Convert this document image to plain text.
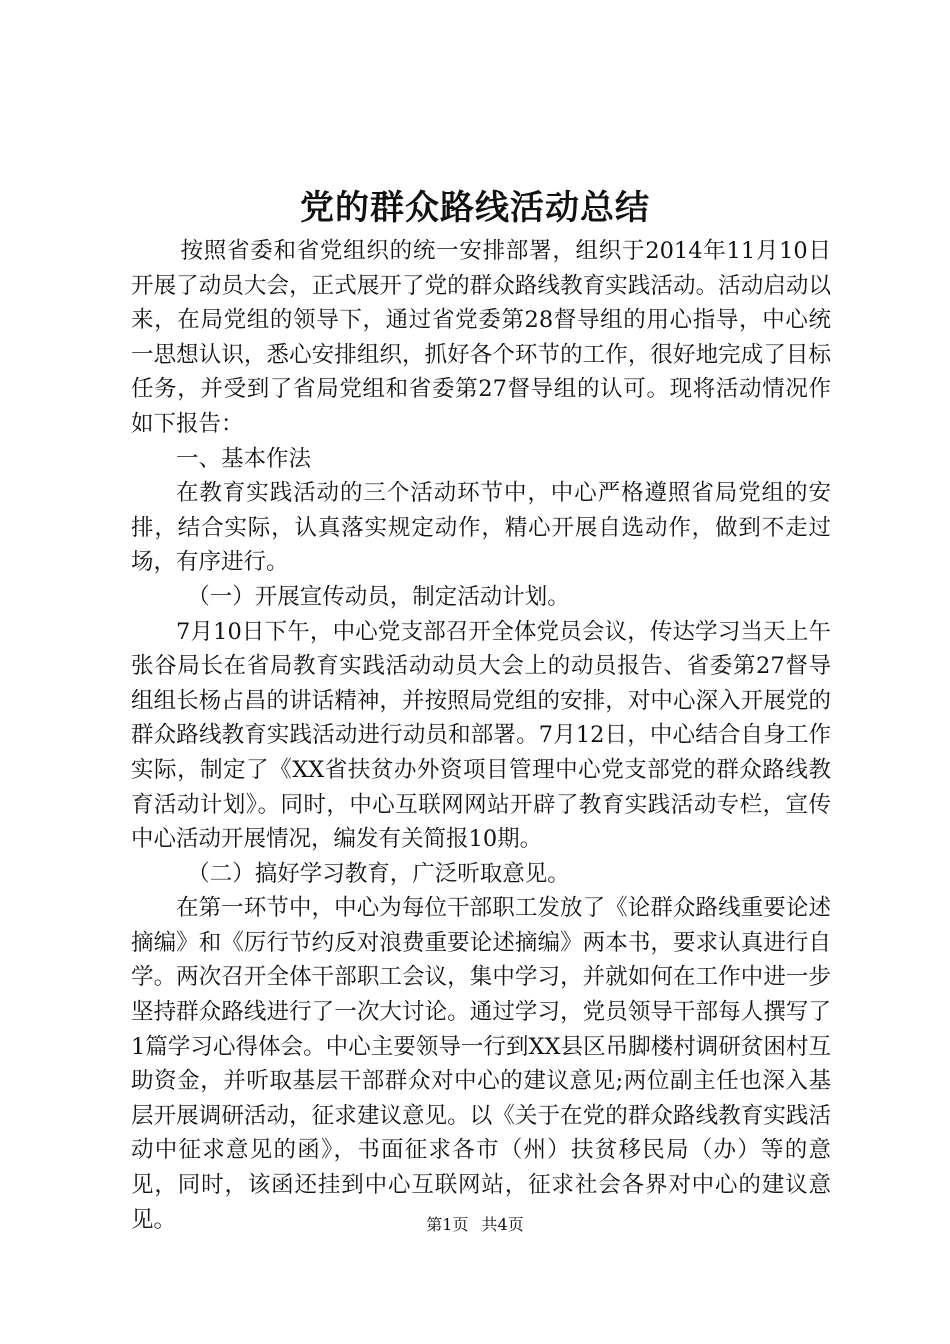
党的群众路线活动总结

按照省委和省党组织的统一安排部署，组织于2014年11月10日开展了动员大会，正式展开了党的群众路线教育实践活动。活动启动以来，在局党组的领导下，通过省党委第28督导组的用心指导，中心统一思想认识，悉心安排组织，抓好各个环节的工作，很好地完成了目标任务，并受到了省局党组和省委第27督导组的认可。现将活动情况作如下报告：

一、基本作法

在教育实践活动的三个活动环节中，中心严格遵照省局党组的安排，结合实际，认真落实规定动作，精心开展自选动作，做到不走过场，有序进行。

（一）开展宣传动员，制定活动计划。

7月10日下午，中心党支部召开全体党员会议，传达学习当天上午张谷局长在省局教育实践活动动员大会上的动员报告、省委第27督导组组长杨占昌的讲话精神，并按照局党组的安排，对中心深入开展党的群众路线教育实践活动进行动员和部署。7月12日，中心结合自身工作实际，制定了《XX省扶贫办外资项目管理中心党支部党的群众路线教育活动计划》。同时，中心互联网网站开辟了教育实践活动专栏，宣传中心活动开展情况，编发有关简报10期。

（二）搞好学习教育，广泛听取意见。

在第一环节中，中心为每位干部职工发放了《论群众路线重要论述摘编》和《厉行节约反对浪费重要论述摘编》两本书，要求认真进行自学。两次召开全体干部职工会议，集中学习，并就如何在工作中进一步坚持群众路线进行了一次大讨论。通过学习，党员领导干部每人撰写了1篇学习心得体会。中心主要领导一行到XX县区吊脚楼村调研贫困村互助资金，并听取基层干部群众对中心的建议意见;两位副主任也深入基层开展调研活动，征求建议意见。以《关于在党的群众路线教育实践活动中征求意见的函》，书面征求各市（州）扶贫移民局（办）等的意见，同时，该函还挂到中心互联网站，征求社会各界对中心的建议意见。	第1页 共4页
